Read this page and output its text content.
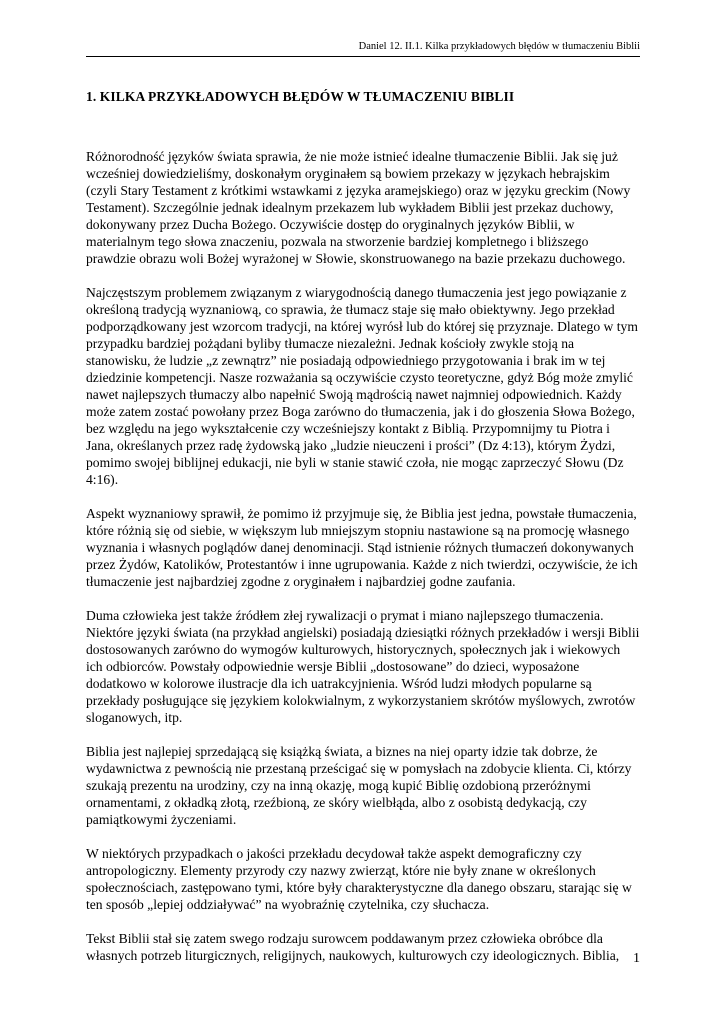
Daniel 12. II.1. Kilka przykładowych błędów w tłumaczeniu Biblii
1. KILKA PRZYKŁADOWYCH BŁĘDÓW W TŁUMACZENIU BIBLII

Różnorodność języków świata sprawia, że nie może istnieć idealne tłumaczenie Biblii. Jak się już wcześniej dowiedzieliśmy, doskonałym oryginałem są bowiem przekazy w językach hebrajskim (czyli Stary Testament z krótkimi wstawkami z języka aramejskiego) oraz w języku greckim (Nowy Testament). Szczególnie jednak idealnym przekazem lub wykładem Biblii jest przekaz duchowy, dokonywany przez Ducha Bożego. Oczywiście dostęp do oryginalnych języków Biblii, w materialnym tego słowa znaczeniu, pozwala na stworzenie bardziej kompletnego i bliższego prawdzie obrazu woli Bożej wyrażonej w Słowie, skonstruowanego na bazie przekazu duchowego.

Najczęstszym problemem związanym z wiarygodnością danego tłumaczenia jest jego powiązanie z określoną tradycją wyznaniową, co sprawia, że tłumacz staje się mało obiektywny. Jego przekład podporządkowany jest wzorcom tradycji, na której wyrósł lub do której się przyznaje. Dlatego w tym przypadku bardziej pożądani byliby tłumacze niezależni. Jednak kościoły zwykle stoją na stanowisku, że ludzie „z zewnątrz” nie posiadają odpowiedniego przygotowania i brak im w tej dziedzinie kompetencji. Nasze rozważania są oczywiście czysto teoretyczne, gdyż Bóg może zmylić nawet najlepszych tłumaczy albo napełnić Swoją mądrością nawet najmniej odpowiednich. Każdy może zatem zostać powołany przez Boga zarówno do tłumaczenia, jak i do głoszenia Słowa Bożego, bez względu na jego wykształcenie czy wcześniejszy kontakt z Biblią. Przypomnijmy tu Piotra i Jana, określanych przez radę żydowską jako „ludzie nieuczeni i prości” (Dz 4:13), którym Żydzi, pomimo swojej biblijnej edukacji, nie byli w stanie stawić czoła, nie mogąc zaprzeczyć Słowu (Dz 4:16).

Aspekt wyznaniowy sprawił, że pomimo iż przyjmuje się, że Biblia jest jedna, powstałe tłumaczenia, które różnią się od siebie, w większym lub mniejszym stopniu nastawione są na promocję własnego wyznania i własnych poglądów danej denominacji. Stąd istnienie różnych tłumaczeń dokonywanych przez Żydów, Katolików, Protestantów i inne ugrupowania. Każde z nich twierdzi, oczywiście, że ich tłumaczenie jest najbardziej zgodne z oryginałem i najbardziej godne zaufania.

Duma człowieka jest także źródłem złej rywalizacji o prymat i miano najlepszego tłumaczenia. Niektóre języki świata (na przykład angielski) posiadają dziesiątki różnych przekładów i wersji Biblii dostosowanych zarówno do wymogów kulturowych, historycznych, społecznych jak i wiekowych ich odbiorców. Powstały odpowiednie wersje Biblii „dostosowane” do dzieci, wyposażone dodatkowo w kolorowe ilustracje dla ich uatrakcyjnienia. Wśród ludzi młodych popularne są przekłady posługujące się językiem kolokwialnym, z wykorzystaniem skrótów myślowych, zwrotów sloganowych, itp.

Biblia jest najlepiej sprzedającą się książką świata, a biznes na niej oparty idzie tak dobrze, że wydawnictwa z pewnością nie przestaną prześcigać się w pomysłach na zdobycie klienta. Ci, którzy szukają prezentu na urodziny, czy na inną okazję, mogą kupić Biblię ozdobioną przeróżnymi ornamentami, z okładką złotą, rzeźbioną, ze skóry wielbłąda, albo z osobistą dedykacją, czy pamiątkowymi życzeniami.

W niektórych przypadkach o jakości przekładu decydował także aspekt demograficzny czy antropologiczny. Elementy przyrody czy nazwy zwierząt, które nie były znane w określonych społecznościach, zastępowano tymi, które były charakterystyczne dla danego obszaru, starając się w ten sposób „lepiej oddziaływać” na wyobraźnię czytelnika, czy słuchacza.

Tekst Biblii stał się zatem swego rodzaju surowcem poddawanym przez człowieka obróbce dla własnych potrzeb liturgicznych, religijnych, naukowych, kulturowych czy ideologicznych. Biblia, 1
